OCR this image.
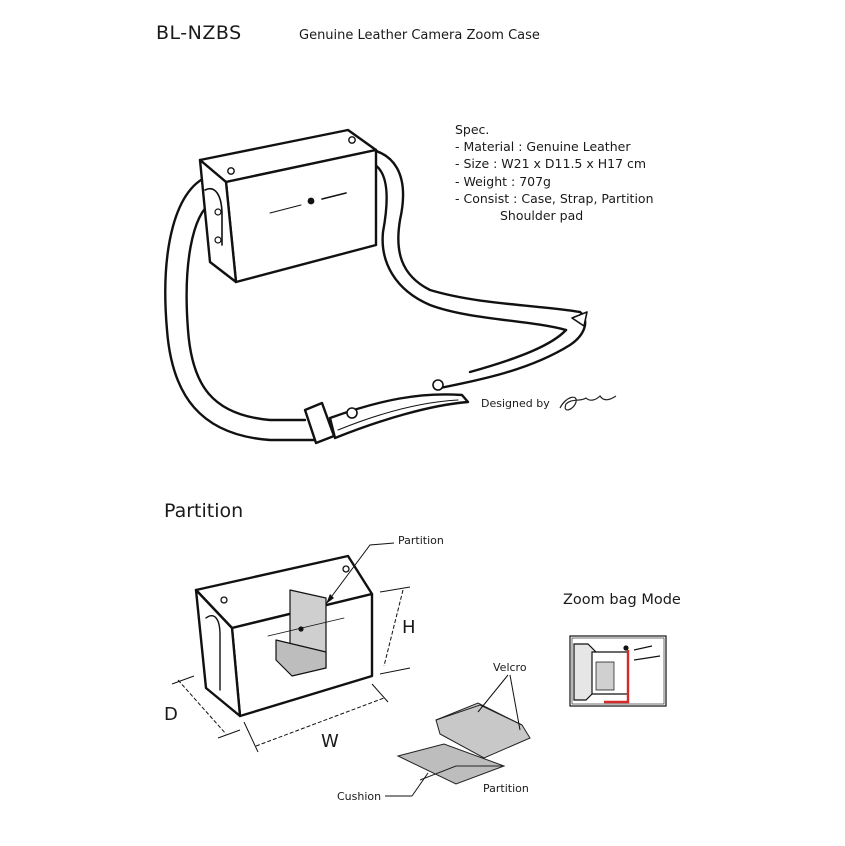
BL-NZBS	Genuine Leather Camera Zoom Case
Spec.
- Material : Genuine Leather
- Size : W21 x D11.5 x H17 cm
- Weight : 707g
- Consist : Case, Strap, Partition
Shoulder pad
Designed by
Partition
Partition
H
D
W
Velcro
Cushion
Partition
Zoom bag Mode
